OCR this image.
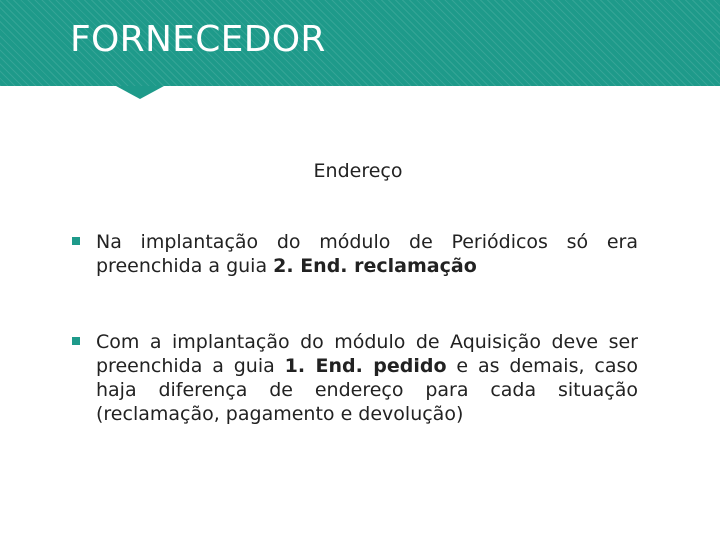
FORNECEDOR
Endereço
Na implantação do módulo de Periódicos só era preenchida a guia 2. End. reclamação
Com a implantação do módulo de Aquisição deve ser preenchida a guia 1. End. pedido e as demais, caso haja diferença de endereço para cada situação (reclamação, pagamento e devolução)
